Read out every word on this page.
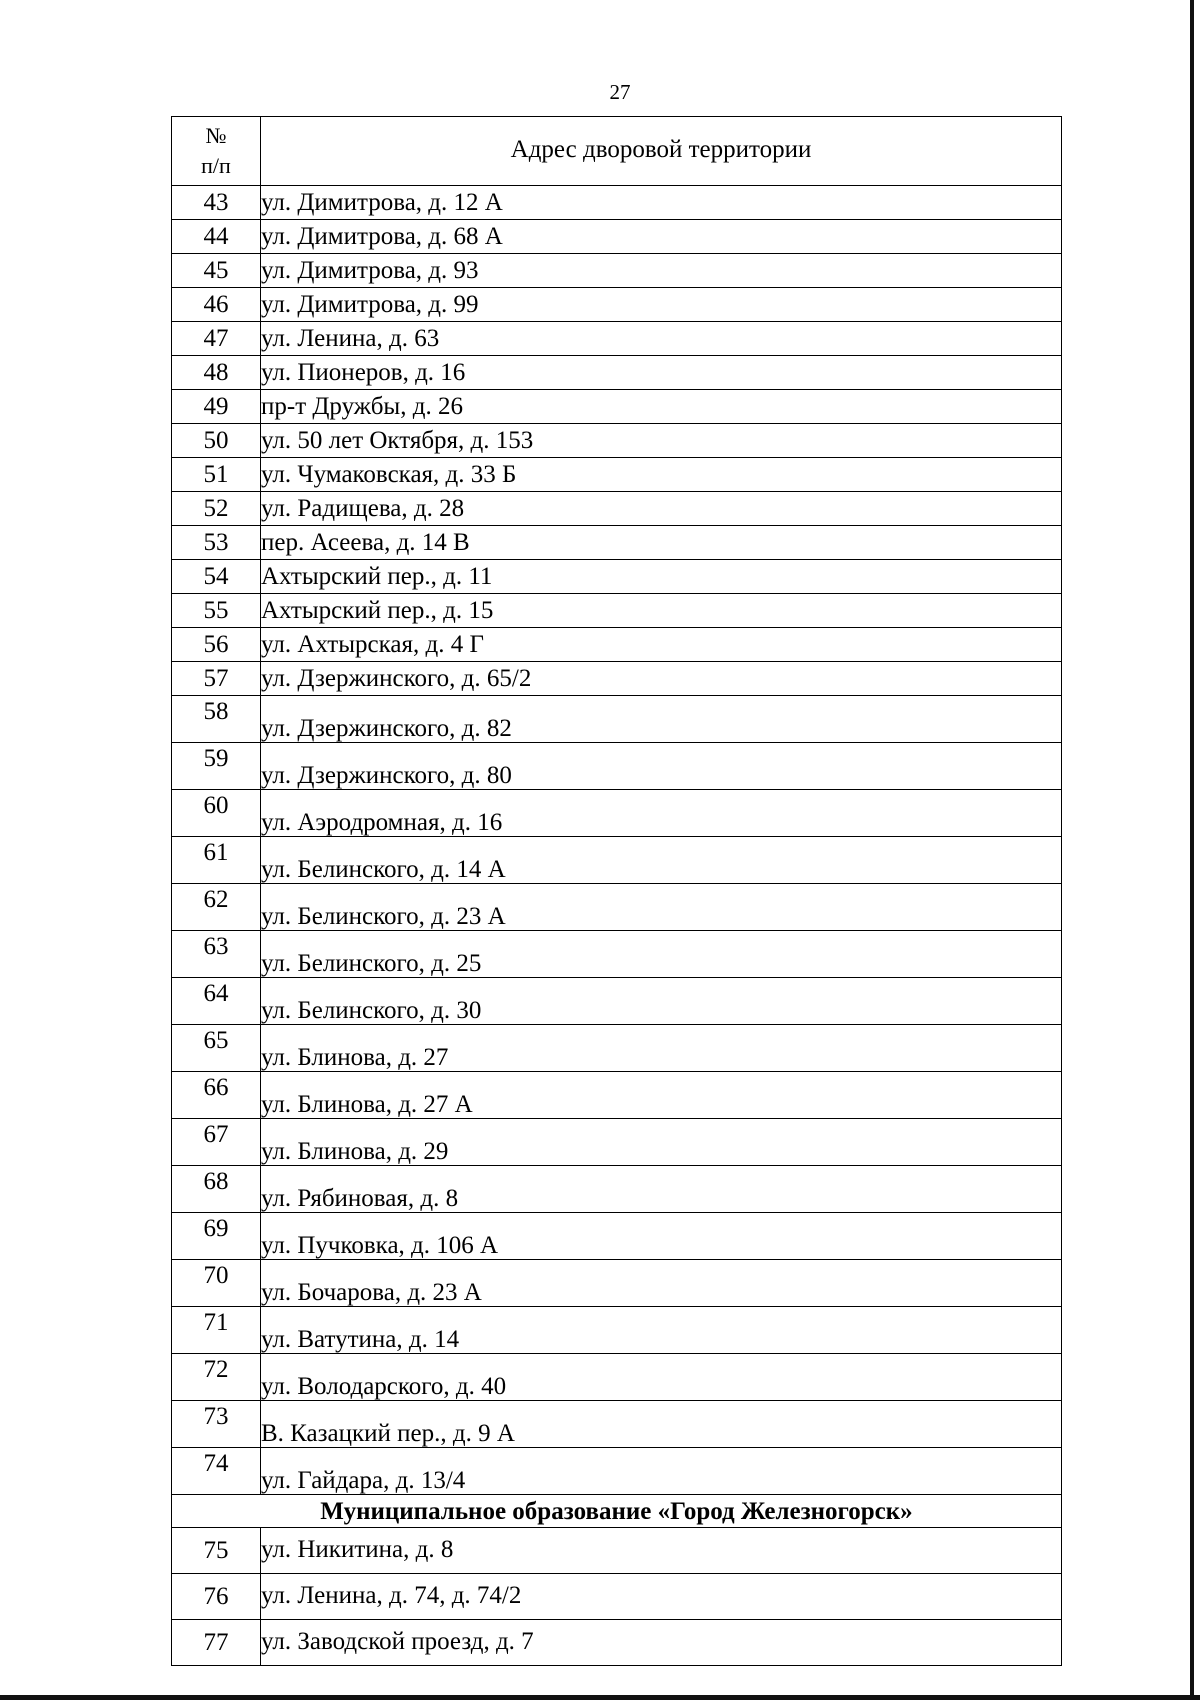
27
№
п/п	Адрес дворовой территории
43	ул. Димитрова, д. 12 А
44	ул. Димитрова, д. 68 А
45	ул. Димитрова, д. 93
46	ул. Димитрова, д. 99
47	ул. Ленина, д. 63
48	ул. Пионеров, д. 16
49	пр-т Дружбы, д. 26
50	ул. 50 лет Октября, д. 153
51	ул. Чумаковская, д. 33 Б
52	ул. Радищева, д. 28
53	пер. Асеева, д. 14 В
54	Ахтырский пер., д. 11
55	Ахтырский пер., д. 15
56	ул. Ахтырская, д. 4 Г
57	ул. Дзержинского, д. 65/2
58	ул. Дзержинского, д. 82
59	ул. Дзержинского, д. 80
60	ул. Аэродромная, д. 16
61	ул. Белинского, д. 14 А
62	ул. Белинского, д. 23 А
63	ул. Белинского, д. 25
64	ул. Белинского, д. 30
65	ул. Блинова, д. 27
66	ул. Блинова, д. 27 А
67	ул. Блинова, д. 29
68	ул. Рябиновая, д. 8
69	ул. Пучковка, д. 106 А
70	ул. Бочарова, д. 23 А
71	ул. Ватутина, д. 14
72	ул. Володарского, д. 40
73	В. Казацкий пер., д. 9 А
74	ул. Гайдара, д. 13/4
Муниципальное образование «Город Железногорск»	
75	ул. Никитина, д. 8
76	ул. Ленина, д. 74, д. 74/2
77	ул. Заводской проезд, д. 7
